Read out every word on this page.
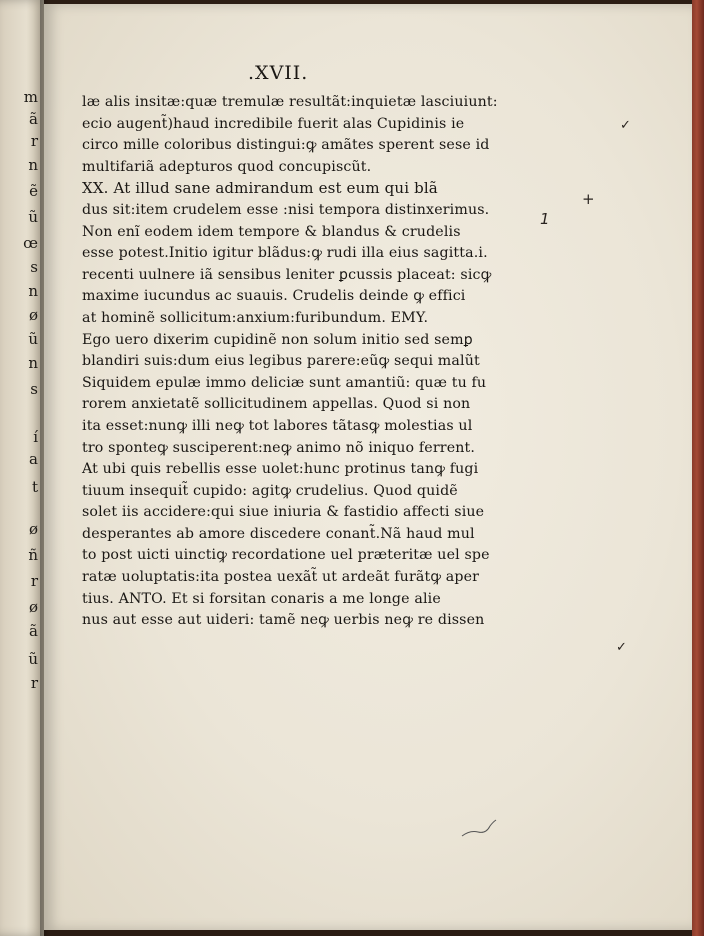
m
ã
r
n
ẽ
ũ
œ
s
n
ø
ũ
n
s
í
a
t
ø
ñ
r
ø
ã
ũ
r
.XVII.
læ alis insitæ:quæ tremulæ resultãt:inquietæ lasciuiunt:
ecio augent̃)haud incredibile fuerit alas Cupidinis ie
circo mille coloribus distingui:ꝙ amãtes sperent sese id
multifariã adepturos quod concupiscũt.
XX. At illud sane admirandum est eum qui blã
dus sit:item crudelem esse :nisi tempora distinxerimus.
Non enĩ eodem idem tempore & blandus & crudelis
esse potest.Initio igitur blãdus:ꝙ rudi illa eius sagitta.i.
recenti uulnere iã sensibus leniter ꝑcussis placeat: sicꝙ
maxime iucundus ac suauis. Crudelis deinde ꝙ effici
at hominẽ sollicitum:anxium:furibundum. EMY.
Ego uero dixerim cupidinẽ non solum initio sed semꝑ
blandiri suis:dum eius legibus parere:eũꝙ sequi malũt
Siquidem epulæ immo deliciæ sunt amantiũ: quæ tu fu
rorem anxietatẽ sollicitudinem appellas. Quod si non
ita esset:nunꝙ illi neꝙ tot labores tãtasꝙ molestias ul
tro sponteꝙ susciperent:neꝙ animo nõ iniquo ferrent.
At ubi quis rebellis esse uolet:hunc protinus tanꝙ fugi
tiuum insequit̃ cupido: agitꝙ crudelius. Quod quidẽ
solet iis accidere:qui siue iniuria & fastidio affecti siue
desperantes ab amore discedere conant̃.Nã haud mul
to post uicti uinctiꝙ recordatione uel præteritæ uel spe
ratæ uoluptatis:ita postea uexãt̃ ut ardeãt furãtꝙ aper
tius. ANTO. Et si forsitan conaris a me longe alie
nus aut esse aut uideri: tamẽ neꝙ uerbis neꝙ re dissen
+
1
✓
✓
